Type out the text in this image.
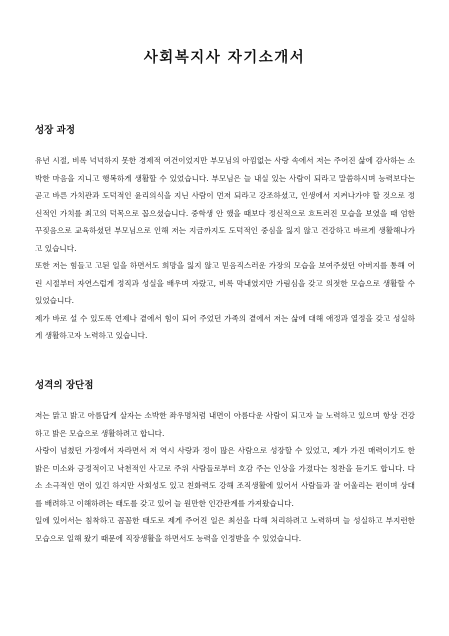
사회복지사 자기소개서
성장 과정

유년 시절, 비록 넉넉하지 못한 경제적 여건이었지만 부모님의 아낌없는 사랑 속에서 저는 주어진 삶에 감사하는 소박한 마음을 지니고 행복하게 생활할 수 있었습니다. 부모님은 늘 내실 있는 사람이 되라고 말씀하시며 능력보다는 곧고 바른 가치관과 도덕적인 윤리의식을 지닌 사람이 먼저 되라고 강조하셨고, 인생에서 지켜나가야 할 것으로 정신적인 가치를 최고의 덕목으로 꼽으셨습니다. 중학생 안 했을 때보다 정신적으로 흐트러진 모습을 보였을 때 엄한 꾸짖음으로 교육하셨던 부모님으로 인해 저는 지금까지도 도덕적인 중심을 잃지 않고 건강하고 바르게 생활해나가고 있습니다.

또한 저는 힘들고 고된 일을 하면서도 희망을 잃지 않고 믿음직스러운 가장의 모습을 보여주셨던 아버지를 통해 어린 시절부터 자연스럽게 정직과 성실을 배우며 자랐고, 비록 막내였지만 가림심을 갖고 의젓한 모습으로 생활할 수 있었습니다.

제가 바로 설 수 있도록 언제나 곁에서 힘이 되어 주었던 가족의 곁에서 저는 삶에 대해 애정과 열정을 갖고 성실하게 생활하고자 노력하고 있습니다.

성격의 장단점

저는 맑고 밝고 아름답게 살자는 소박한 좌우명처럼 내면이 아름다운 사람이 되고자 늘 노력하고 있으며 항상 건강하고 밝은 모습으로 생활하려고 합니다.

사랑이 넘쳤던 가정에서 자라면서 저 역시 사랑과 정이 많은 사람으로 성장할 수 있었고, 제가 가진 매력이기도 한 밝은 미소와 긍정적이고 낙천적인 사고로 주위 사람들로부터 호감 주는 인상을 가졌다는 칭찬을 듣기도 합니다. 다소 소극적인 면이 있긴 하지만 사회성도 있고 친화력도 강해 조직생활에 있어서 사람들과 잘 어울리는 편이며 상대를 배려하고 이해하려는 태도를 갖고 있어 늘 원만한 인간관계를 가져왔습니다.

일에 있어서는 침착하고 꼼꼼한 태도로 제게 주어진 일은 최선을 다해 처리하려고 노력하며 늘 성실하고 부지런한 모습으로 일해 왔기 때문에 직장생활을 하면서도 능력을 인정받을 수 있었습니다.
